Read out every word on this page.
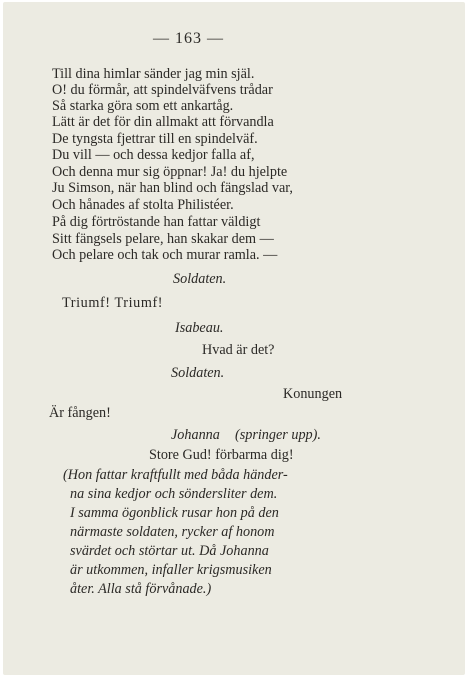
— 163 —
Till dina himlar sänder jag min själ.
O! du förmår, att spindelväfvens trådar
Så starka göra som ett ankartåg.
Lätt är det för din allmakt att förvandla
De tyngsta fjettrar till en spindelväf.
Du vill — och dessa kedjor falla af,
Och denna mur sig öppnar! Ja! du hjelpte
Ju Simson, när han blind och fängslad var,
Och hånades af stolta Philistéer.
På dig förtröstande han fattar väldigt
Sitt fängsels pelare, han skakar dem —
Och pelare och tak och murar ramla. —
Soldaten.
Triumf! Triumf!
Isabeau.
Hvad är det?
Soldaten.
Konungen
Är fången!
Johanna (springer upp).
Store Gud! förbarma dig!
(Hon fattar kraftfullt med båda händer-
na sina kedjor och söndersliter dem.
I samma ögonblick rusar hon på den
närmaste soldaten, rycker af honom
svärdet och störtar ut. Då Johanna
är utkommen, infaller krigsmusiken
åter. Alla stå förvånade.)
